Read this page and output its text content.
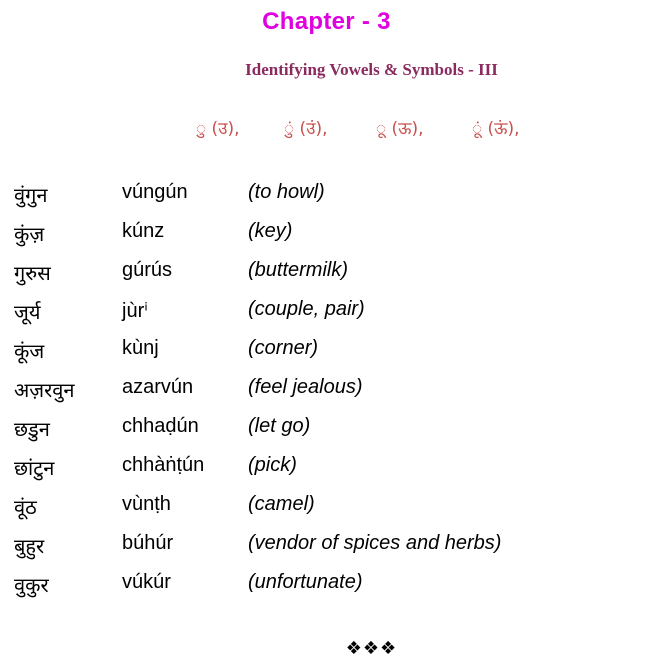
Chapter - 3
Identifying Vowels & Symbols - III
ु (उ),	ुं (उं),	ू (ऊ),	ूं (ऊं),
वुंगुन	vúngún	(to howl)
कुंज़	kúnz	(key)
गुरुस	gúrús	(buttermilk)
जूर्य	jùrⁱ	(couple, pair)
कूंज	kùnj	(corner)
अज़रवुन azarvún	(feel jealous)
छडुन	chhaḍún (let go)
छांटुन	chhàṅṭún (pick)
वूंठ	vùnṭh	(camel)
बुहुर	búhúr	(vendor of spices and herbs)
वुकुर	vúkúr	(unfortunate)
❖❖❖
